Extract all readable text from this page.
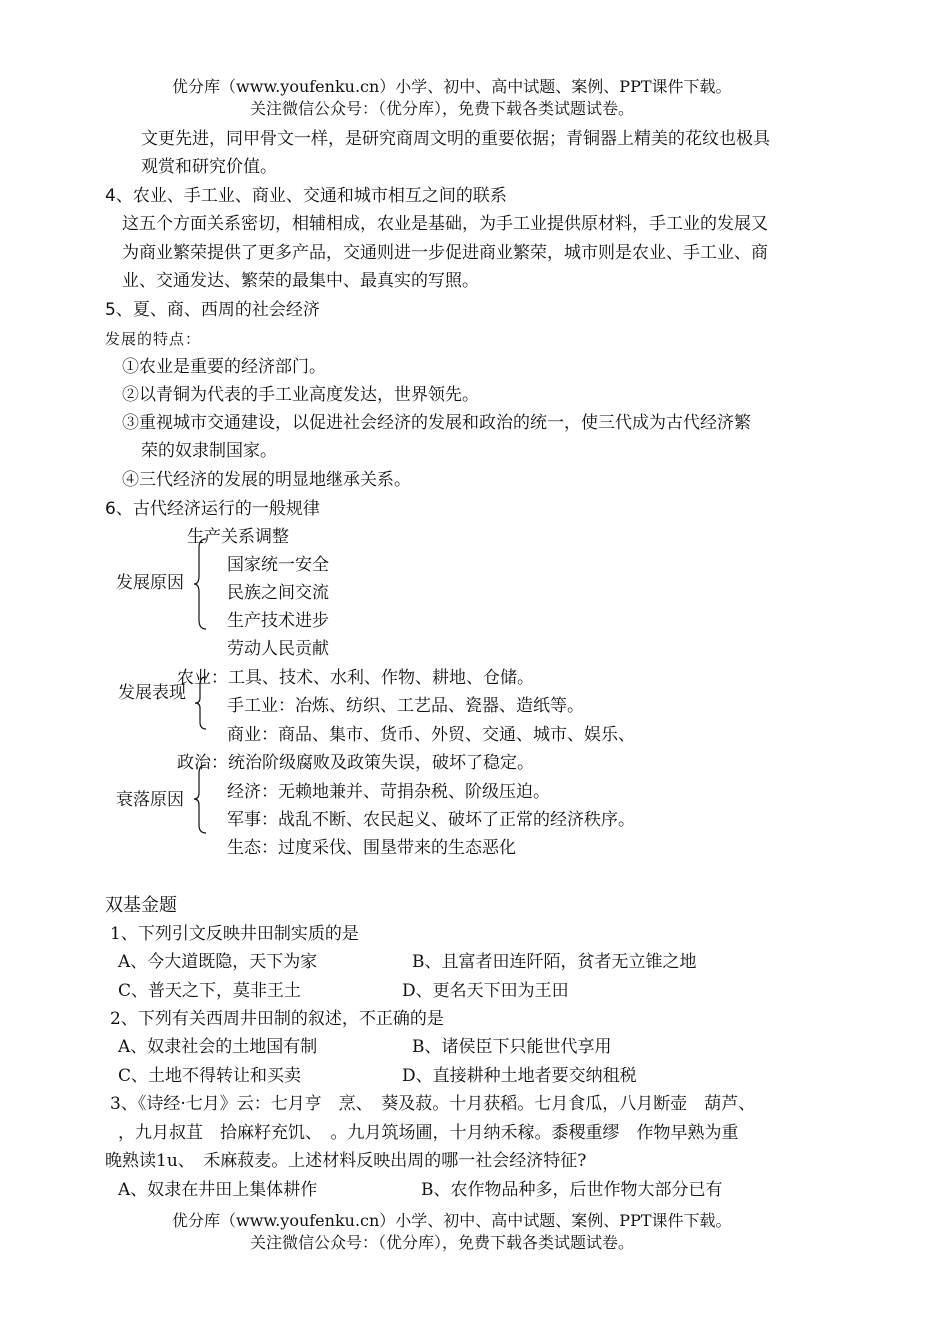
优分库（www.youfenku.cn）小学、初中、高中试题、案例、PPT课件下载。
关注微信公众号：（优分库），免费下载各类试题试卷。
文更先进，同甲骨文一样，是研究商周文明的重要依据；青铜器上精美的花纹也极具
观赏和研究价值。
4、农业、手工业、商业、交通和城市相互之间的联系
这五个方面关系密切，相辅相成，农业是基础，为手工业提供原材料，手工业的发展又
为商业繁荣提供了更多产品，交通则进一步促进商业繁荣，城市则是农业、手工业、商
业、交通发达、繁荣的最集中、最真实的写照。
5、夏、商、西周的社会经济
发展的特点：
①农业是重要的经济部门。
②以青铜为代表的手工业高度发达，世界领先。
③重视城市交通建设，以促进社会经济的发展和政治的统一，使三代成为古代经济繁
荣的奴隶制国家。
④三代经济的发展的明显地继承关系。
6、古代经济运行的一般规律
生产关系调整
国家统一安全
发展原因	民族之间交流
生产技术进步
劳动人民贡献
农业：工具、技术、水利、作物、耕地、仓储。
发展表现
手工业：冶炼、纺织、工艺品、瓷器、造纸等。
商业：商品、集市、货币、外贸、交通、城市、娱乐、
政治：统治阶级腐败及政策失误，破坏了稳定。
经济：无赖地兼并、苛捐杂税、阶级压迫。
衰落原因
军事：战乱不断、农民起义、破坏了正常的经济秩序。
生态：过度采伐、围垦带来的生态恶化
双基金题
1、下列引文反映井田制实质的是
A、今大道既隐，天下为家	B、且富者田连阡陌，贫者无立锥之地
C、普天之下，莫非王土	D、更名天下田为王田
2、下列有关西周井田制的叙述，不正确的是
A、奴隶社会的土地国有制	B、诸侯臣下只能世代享用
C、土地不得转让和买卖	D、直接耕种土地者要交纳租税
3、《诗经·七月》云：七月亨　烹、　葵及菽。十月获稻。七月食瓜，八月断壶　葫芦、
，九月叔苴　拾麻籽充饥、　。九月筑场圃，十月纳禾稼。黍稷重缪　作物早熟为重
晚熟读1u、　禾麻菽麦。上述材料反映出周的哪一社会经济特征?
A、奴隶在井田上集体耕作	B、农作物品种多，后世作物大部分已有
优分库（www.youfenku.cn）小学、初中、高中试题、案例、PPT课件下载。
关注微信公众号：（优分库），免费下载各类试题试卷。
